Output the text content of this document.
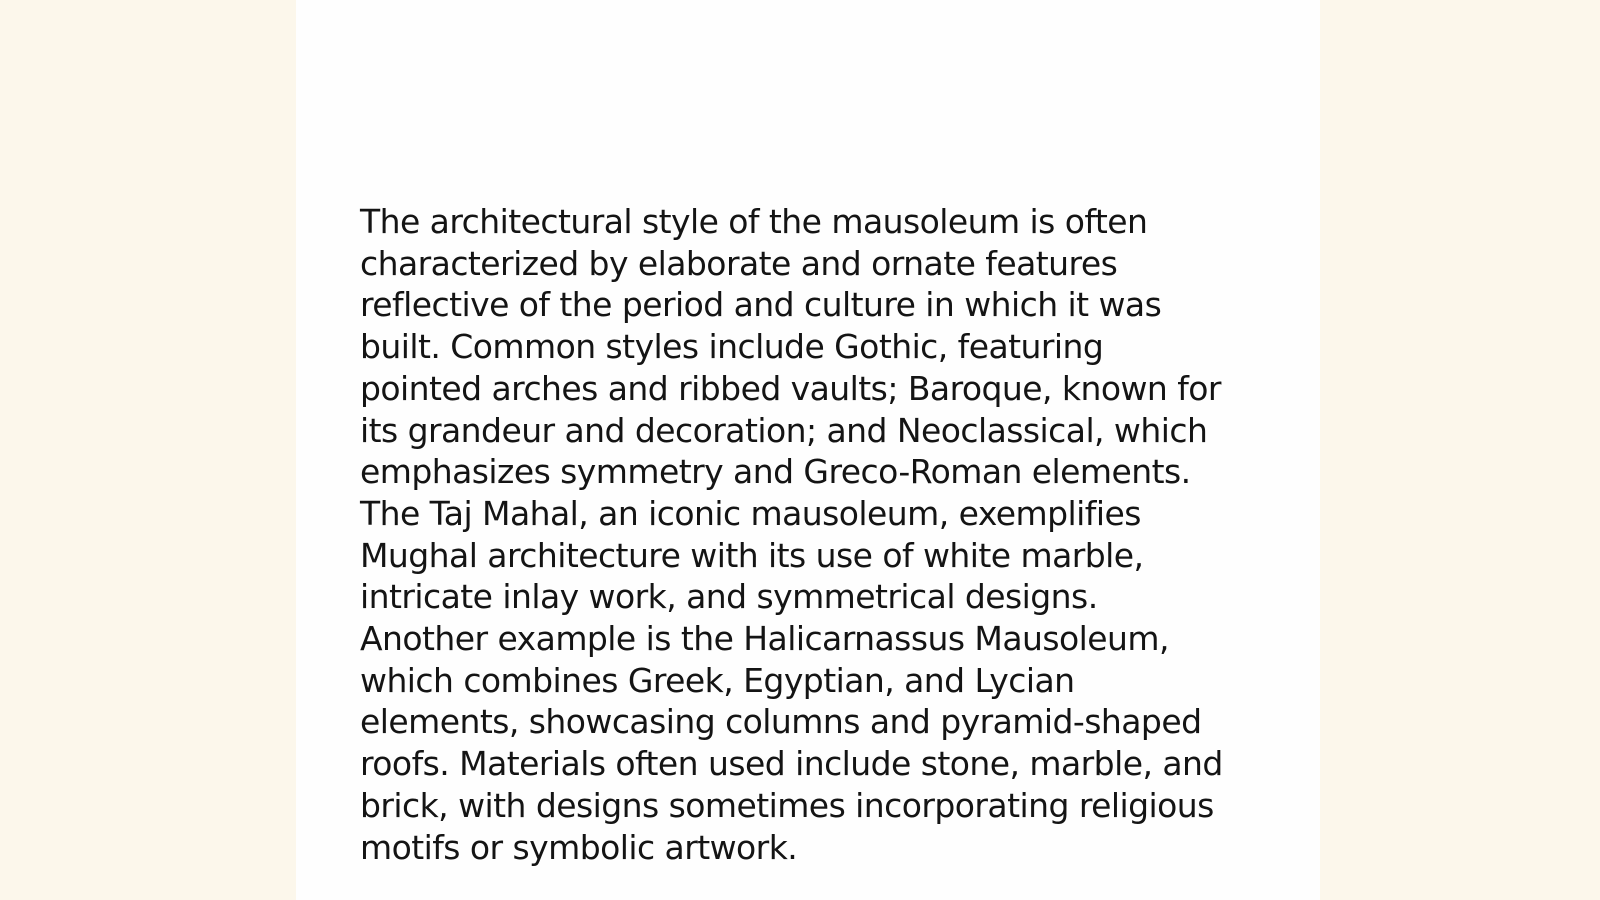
The architectural style of the mausoleum is often
characterized by elaborate and ornate features
reflective of the period and culture in which it was
built. Common styles include Gothic, featuring
pointed arches and ribbed vaults; Baroque, known for
its grandeur and decoration; and Neoclassical, which
emphasizes symmetry and Greco-Roman elements.
The Taj Mahal, an iconic mausoleum, exemplifies
Mughal architecture with its use of white marble,
intricate inlay work, and symmetrical designs.
Another example is the Halicarnassus Mausoleum,
which combines Greek, Egyptian, and Lycian
elements, showcasing columns and pyramid-shaped
roofs. Materials often used include stone, marble, and
brick, with designs sometimes incorporating religious
motifs or symbolic artwork.
